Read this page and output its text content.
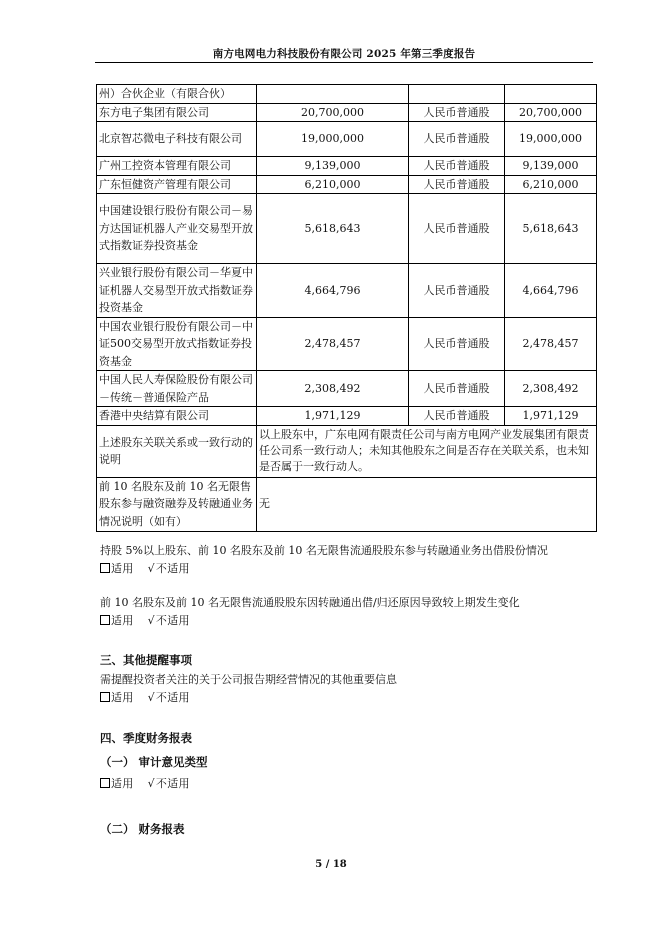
南方电网电力科技股份有限公司 2025 年第三季度报告
州）合伙企业（有限合伙）			
东方电子集团有限公司	20,700,000	人民币普通股	20,700,000
北京智芯微电子科技有限公司	19,000,000	人民币普通股	19,000,000
广州工控资本管理有限公司	9,139,000	人民币普通股	9,139,000
广东恒健资产管理有限公司	6,210,000	人民币普通股	6,210,000
中国建设银行股份有限公司－易方达国证机器人产业交易型开放式指数证券投资基金	5,618,643	人民币普通股	5,618,643
兴业银行股份有限公司－华夏中证机器人交易型开放式指数证券投资基金	4,664,796	人民币普通股	4,664,796
中国农业银行股份有限公司－中证500交易型开放式指数证券投资基金	2,478,457	人民币普通股	2,478,457
中国人民人寿保险股份有限公司－传统－普通保险产品	2,308,492	人民币普通股	2,308,492
香港中央结算有限公司	1,971,129	人民币普通股	1,971,129
上述股东关联关系或一致行动的说明	以上股东中，广东电网有限责任公司与南方电网产业发展集团有限责任公司系一致行动人；未知其他股东之间是否存在关联关系，也未知是否属于一致行动人。		
前 10 名股东及前 10 名无限售股东参与融资融券及转融通业务情况说明（如有）	无		
持股 5%以上股东、前 10 名股东及前 10 名无限售流通股股东参与转融通业务出借股份情况
适用 √不适用
前 10 名股东及前 10 名无限售流通股股东因转融通出借/归还原因导致较上期发生变化
适用 √不适用
三、其他提醒事项
需提醒投资者关注的关于公司报告期经营情况的其他重要信息
适用 √不适用
四、季度财务报表
（一） 审计意见类型
适用 √不适用
（二） 财务报表
5 / 18
